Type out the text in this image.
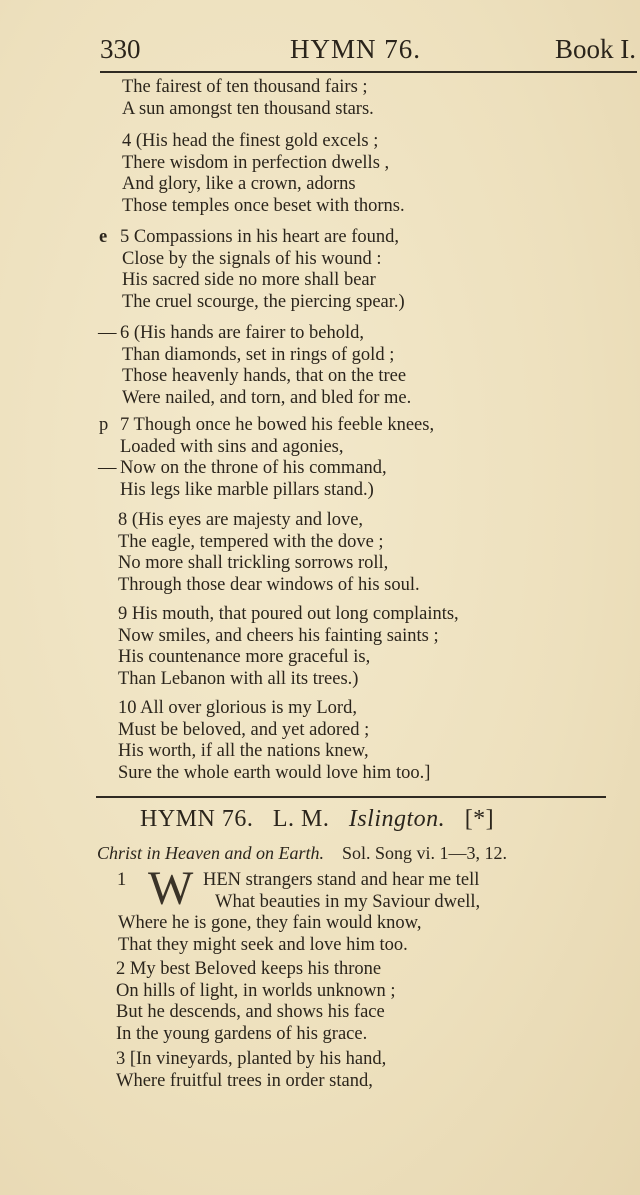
330	HYMN 76.	Book I.
The fairest of ten thousand fairs ;
A sun amongst ten thousand stars.
4 (His head the finest gold excels ;
There wisdom in perfection dwells ,
And glory, like a crown, adorns
Those temples once beset with thorns.
e 5 Compassions in his heart are found,
Close by the signals of his wound :
His sacred side no more shall bear
The cruel scourge, the piercing spear.)
— 6 (His hands are fairer to behold,
Than diamonds, set in rings of gold ;
Those heavenly hands, that on the tree
Were nailed, and torn, and bled for me.
p
—
7 Though once he bowed his feeble knees,
Loaded with sins and agonies,
Now on the throne of his command,
His legs like marble pillars stand.)
8 (His eyes are majesty and love,
The eagle, tempered with the dove ;
No more shall trickling sorrows roll,
Through those dear windows of his soul.
9 His mouth, that poured out long complaints,
Now smiles, and cheers his fainting saints ;
His countenance more graceful is,
Than Lebanon with all its trees.)
10 All over glorious is my Lord,
Must be beloved, and yet adored ;
His worth, if all the nations knew,
Sure the whole earth would love him too.]
HYMN 76. L. M. Islington. [*]
Christ in Heaven and on Earth. Sol. Song vi. 1—3, 12.
1 W HEN strangers stand and hear me tell
What beauties in my Saviour dwell,
Where he is gone, they fain would know,
That they might seek and love him too.
2 My best Beloved keeps his throne
On hills of light, in worlds unknown ;
But he descends, and shows his face
In the young gardens of his grace.
3 [In vineyards, planted by his hand,
Where fruitful trees in order stand,
